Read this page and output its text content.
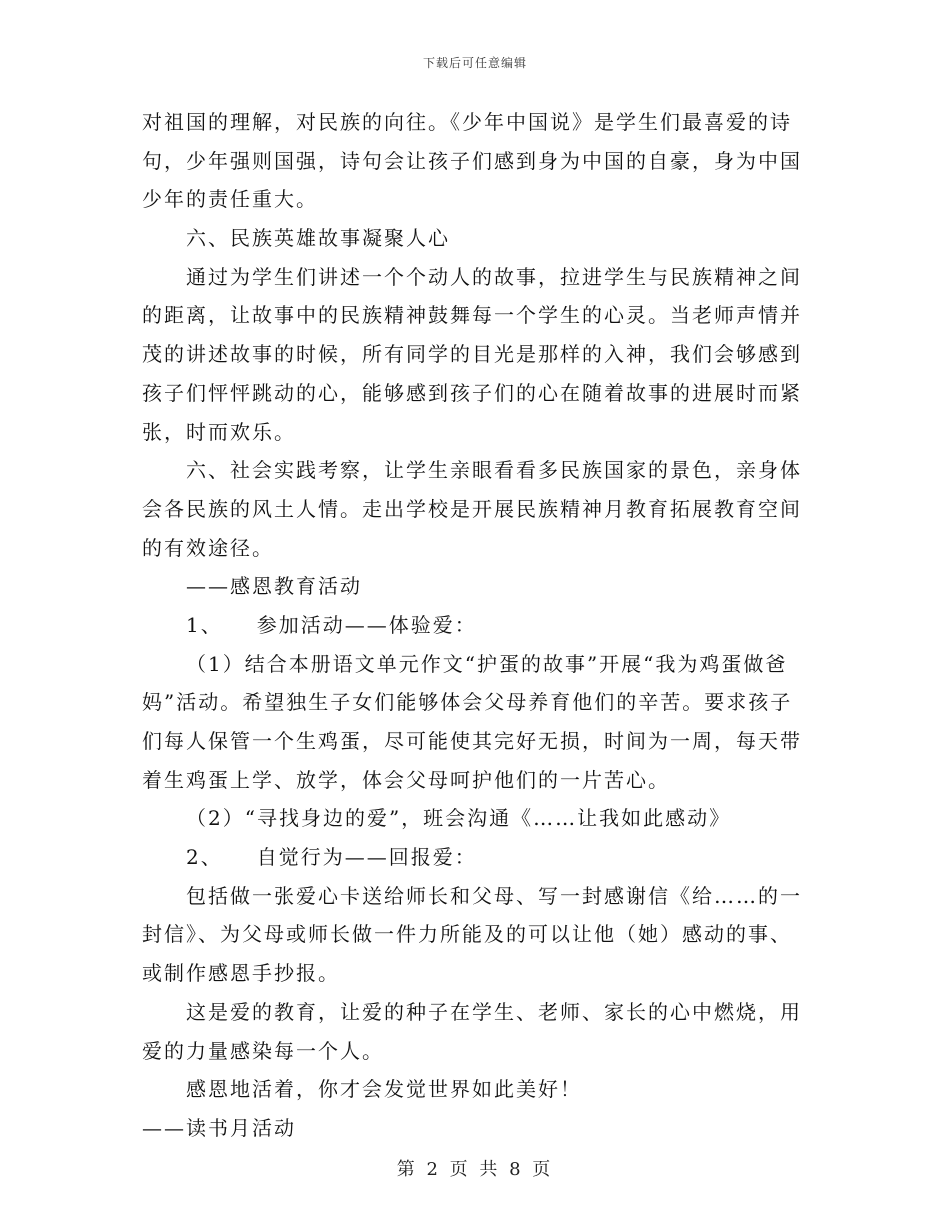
下载后可任意编辑
对祖国的理解，对民族的向往。《少年中国说》是学生们最喜爱的诗
句，少年强则国强，诗句会让孩子们感到身为中国的自豪，身为中国
少年的责任重大。
六、民族英雄故事凝聚人心
通过为学生们讲述一个个动人的故事，拉进学生与民族精神之间
的距离，让故事中的民族精神鼓舞每一个学生的心灵。当老师声情并
茂的讲述故事的时候，所有同学的目光是那样的入神，我们会够感到
孩子们怦怦跳动的心，能够感到孩子们的心在随着故事的进展时而紧
张，时而欢乐。
六、社会实践考察，让学生亲眼看看多民族国家的景色，亲身体
会各民族的风土人情。走出学校是开展民族精神月教育拓展教育空间
的有效途径。
——感恩教育活动
1、 参加活动——体验爱：
（1）结合本册语文单元作文“护蛋的故事”开展“我为鸡蛋做爸
妈”活动。希望独生子女们能够体会父母养育他们的辛苦。要求孩子
们每人保管一个生鸡蛋，尽可能使其完好无损，时间为一周，每天带
着生鸡蛋上学、放学，体会父母呵护他们的一片苦心。
（2）“寻找身边的爱”，班会沟通《……让我如此感动》
2、 自觉行为——回报爱：
包括做一张爱心卡送给师长和父母、写一封感谢信《给……的一
封信》、为父母或师长做一件力所能及的可以让他（她）感动的事、
或制作感恩手抄报。
这是爱的教育，让爱的种子在学生、老师、家长的心中燃烧，用
爱的力量感染每一个人。
感恩地活着，你才会发觉世界如此美好！
——读书月活动
第 2 页 共 8 页
